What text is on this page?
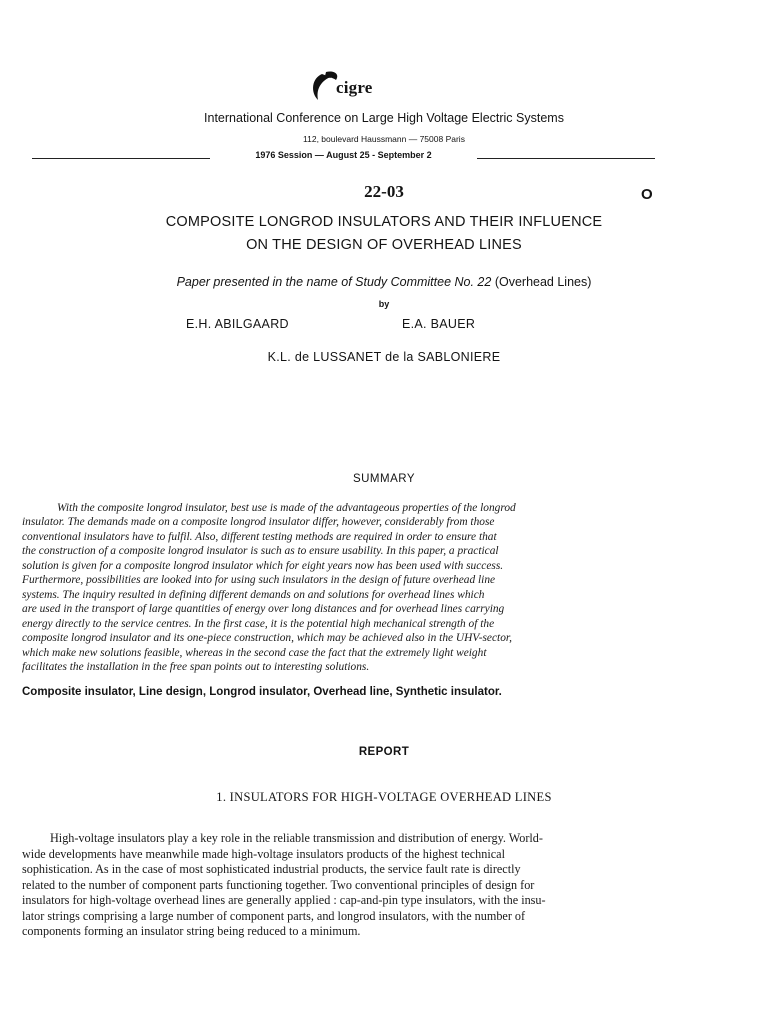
cigre
International Conference on Large High Voltage Electric Systems
112, boulevard Haussmann — 75008 Paris
1976 Session — August 25 - September 2
22-03	O
COMPOSITE LONGROD INSULATORS AND THEIR INFLUENCE
ON THE DESIGN OF OVERHEAD LINES
Paper presented in the name of Study Committee No. 22 (Overhead Lines)
by
E.H. ABILGAARD	E.A. BAUER
K.L. de LUSSANET de la SABLONIERE
SUMMARY
With the composite longrod insulator, best use is made of the advantageous properties of the longrod
insulator. The demands made on a composite longrod insulator differ, however, considerably from those
conventional insulators have to fulfil. Also, different testing methods are required in order to ensure that
the construction of a composite longrod insulator is such as to ensure usability. In this paper, a practical
solution is given for a composite longrod insulator which for eight years now has been used with success.
Furthermore, possibilities are looked into for using such insulators in the design of future overhead line
systems. The inquiry resulted in defining different demands on and solutions for overhead lines which
are used in the transport of large quantities of energy over long distances and for overhead lines carrying
energy directly to the service centres. In the first case, it is the potential high mechanical strength of the
composite longrod insulator and its one-piece construction, which may be achieved also in the UHV-sector,
which make new solutions feasible, whereas in the second case the fact that the extremely light weight
facilitates the installation in the free span points out to interesting solutions.
Composite insulator, Line design, Longrod insulator, Overhead line, Synthetic insulator.
REPORT
1. INSULATORS FOR HIGH-VOLTAGE OVERHEAD LINES
High-voltage insulators play a key role in the reliable transmission and distribution of energy. World-
wide developments have meanwhile made high-voltage insulators products of the highest technical
sophistication. As in the case of most sophisticated industrial products, the service fault rate is directly
related to the number of component parts functioning together. Two conventional principles of design for
insulators for high-voltage overhead lines are generally applied : cap-and-pin type insulators, with the insu-
lator strings comprising a large number of component parts, and longrod insulators, with the number of
components forming an insulator string being reduced to a minimum.
